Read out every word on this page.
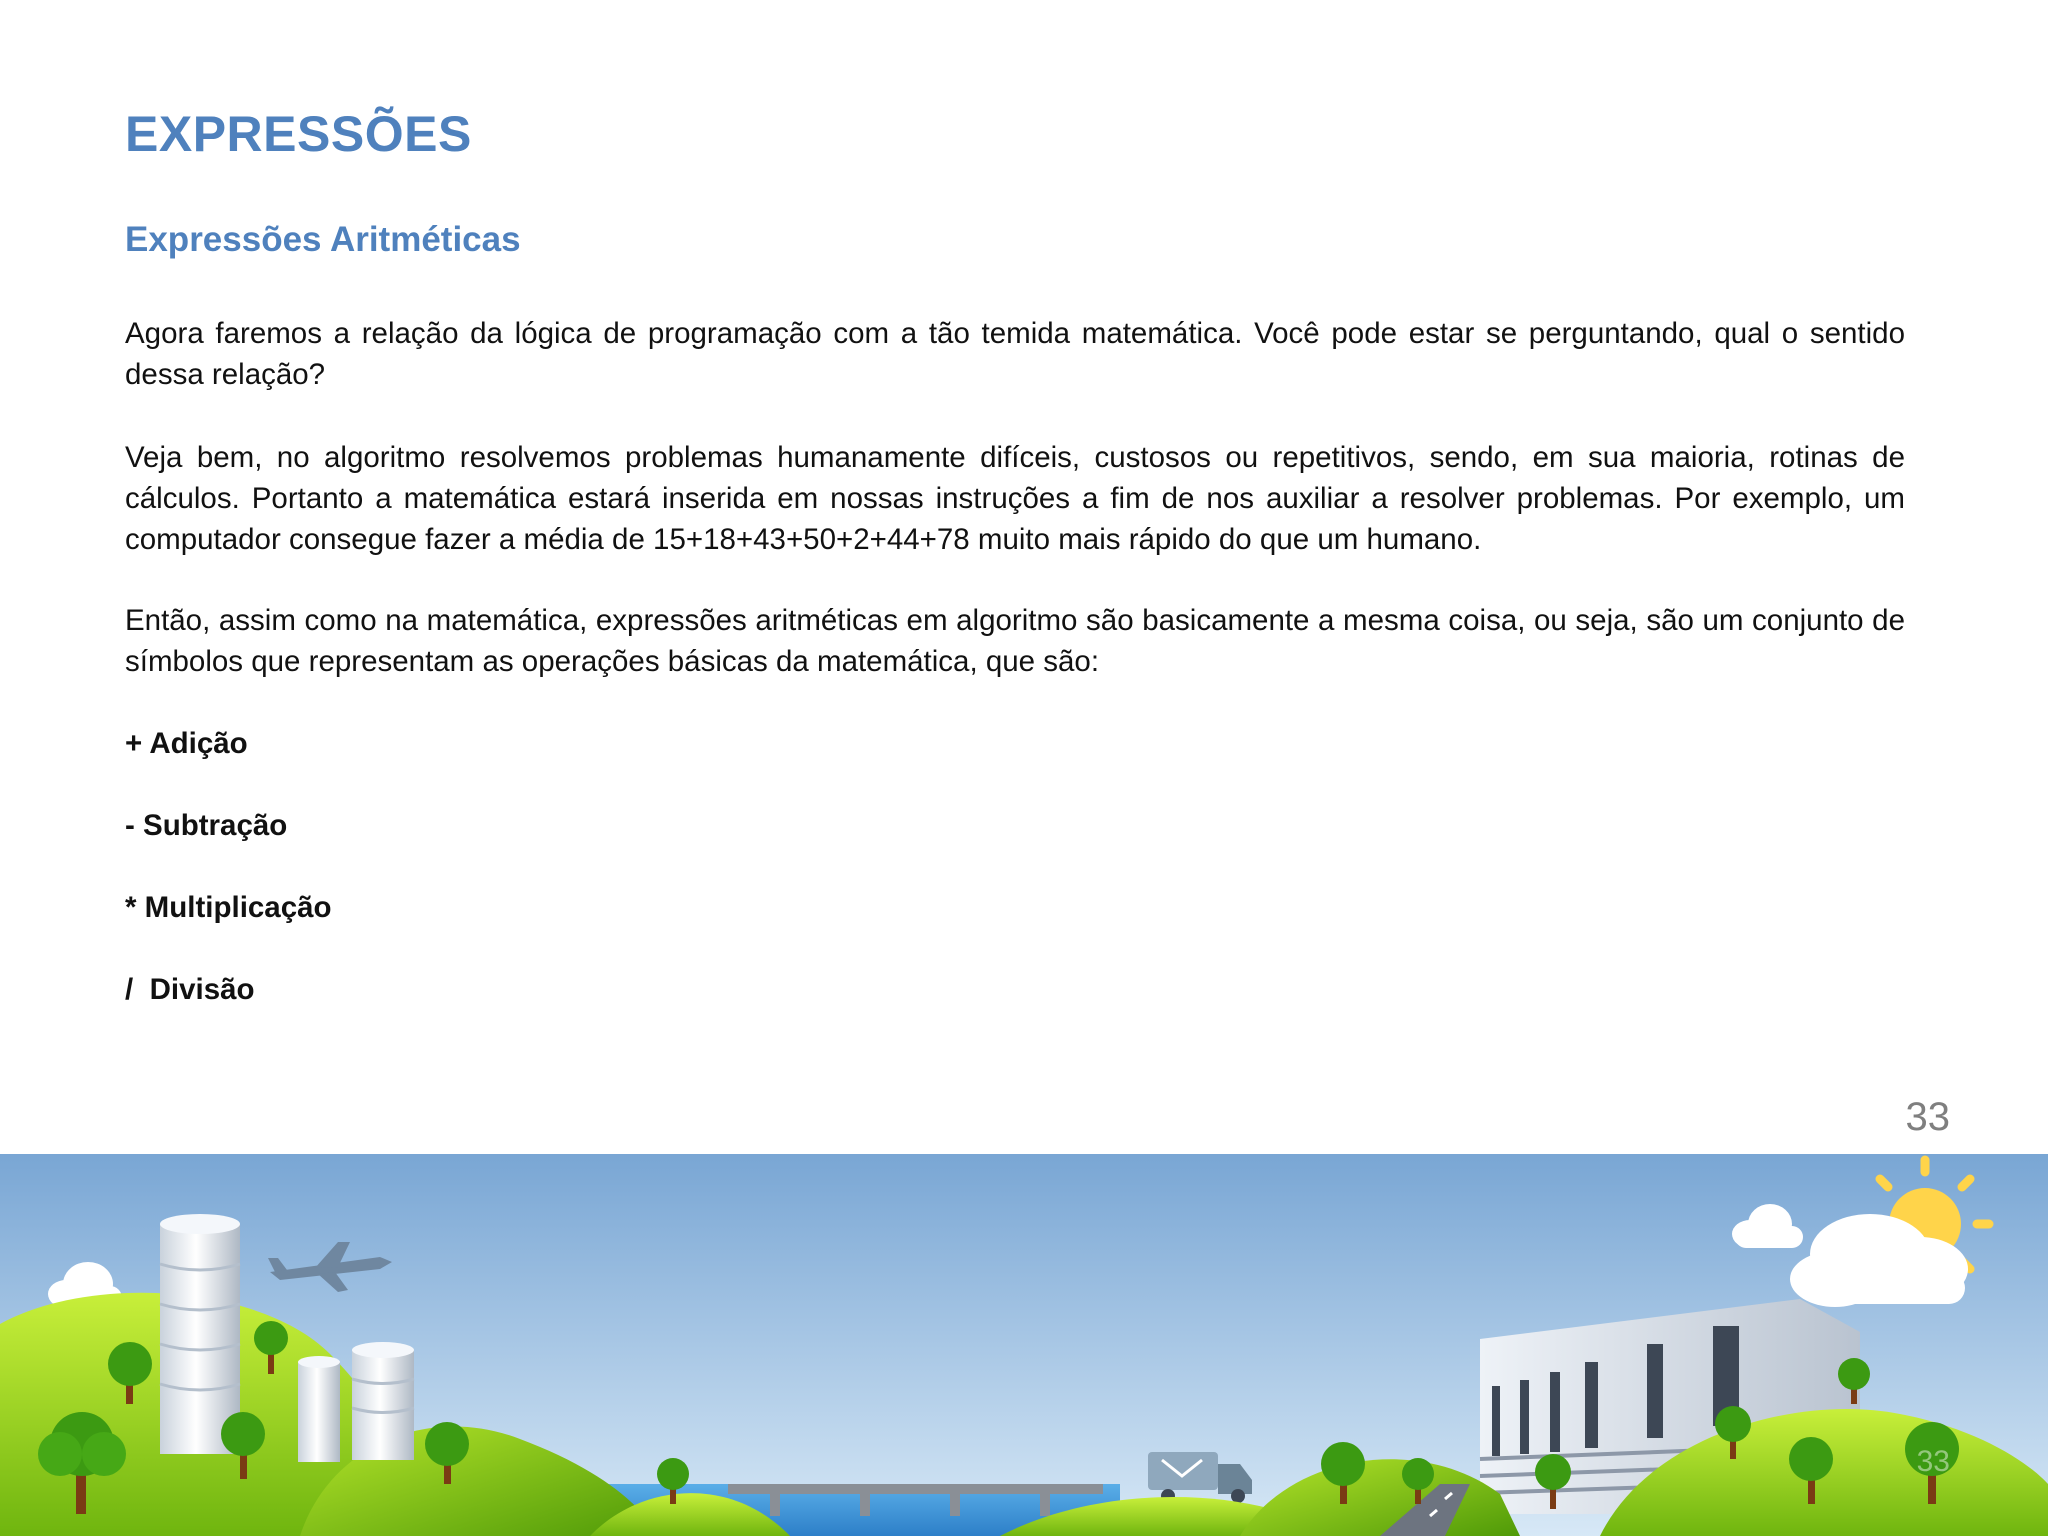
EXPRESSÕES
Expressões Aritméticas

Agora faremos a relação da lógica de programação com a tão temida matemática. Você pode estar se perguntando, qual o sentido dessa relação?

Veja bem, no algoritmo resolvemos problemas humanamente difíceis, custosos ou repetitivos, sendo, em sua maioria, rotinas de cálculos. Portanto a matemática estará inserida em nossas instruções a fim de nos auxiliar a resolver problemas. Por exemplo, um computador consegue fazer a média de 15+18+43+50+2+44+78 muito mais rápido do que um humano.

Então, assim como na matemática, expressões aritméticas em algoritmo são basicamente a mesma coisa, ou seja, são um conjunto de símbolos que representam as operações básicas da matemática, que são:

+ Adição

- Subtração

* Multiplicação

/  Divisão

33
33
